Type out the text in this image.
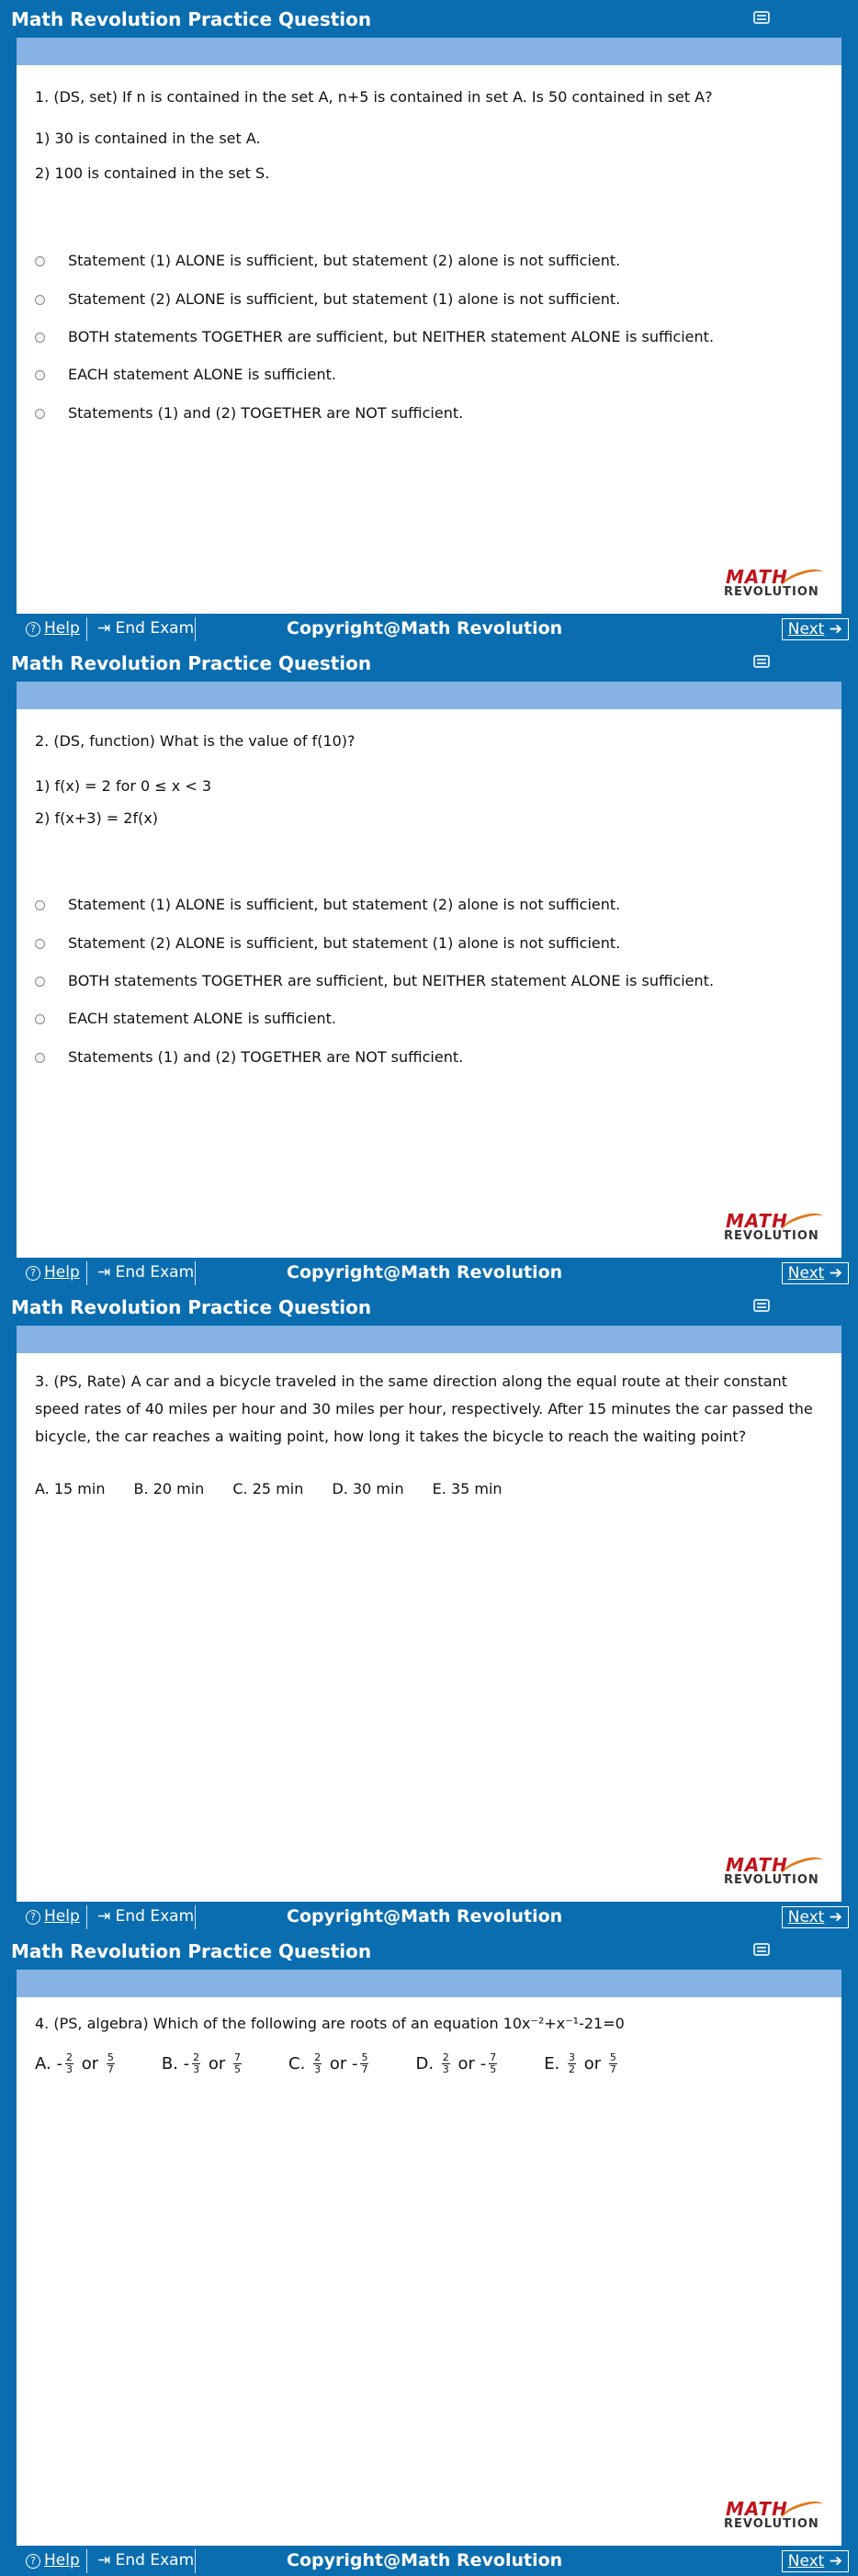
Math Revolution Practice Question
1. (DS, set) If n is contained in the set A, n+5 is contained in set A. Is 50 contained in set A?
1) 30 is contained in the set A.
2) 100 is contained in the set S.
Statement (1) ALONE is sufficient, but statement (2) alone is not sufficient.
Statement (2) ALONE is sufficient, but statement (1) alone is not sufficient.
BOTH statements TOGETHER are sufficient, but NEITHER statement ALONE is sufficient.
EACH statement ALONE is sufficient.
Statements (1) and (2) TOGETHER are NOT sufficient.
MATH
REVOLUTION
? Help ⇥ End Exam	Copyright@Math Revolution	Next ➔
Math Revolution Practice Question
2. (DS, function) What is the value of f(10)?
1) f(x) = 2 for 0 ≤ x < 3
2) f(x+3) = 2f(x)
Statement (1) ALONE is sufficient, but statement (2) alone is not sufficient.
Statement (2) ALONE is sufficient, but statement (1) alone is not sufficient.
BOTH statements TOGETHER are sufficient, but NEITHER statement ALONE is sufficient.
EACH statement ALONE is sufficient.
Statements (1) and (2) TOGETHER are NOT sufficient.
MATH
REVOLUTION
? Help ⇥ End Exam	Copyright@Math Revolution	Next ➔
Math Revolution Practice Question
3. (PS, Rate) A car and a bicycle traveled in the same direction along the equal route at their constant speed rates of 40 miles per hour and 30 miles per hour, respectively. After 15 minutes the car passed the bicycle, the car reaches a waiting point, how long it takes the bicycle to reach the waiting point?
A. 15 min B. 20 min C. 25 min D. 30 min E. 35 min
MATH
REVOLUTION
? Help ⇥ End Exam	Copyright@Math Revolution	Next ➔
Math Revolution Practice Question
4. (PS, algebra) Which of the following are roots of an equation 10x⁻²+x⁻¹-21=0
A.
- 2
3
or
5
7	B.
- 2
3
or
7
5	C.
2
3
or
- 5
7	D.
2
3
or
- 7
5	E.
3
2
or
5
7
MATH
REVOLUTION
? Help ⇥ End Exam	Copyright@Math Revolution	Next ➔
